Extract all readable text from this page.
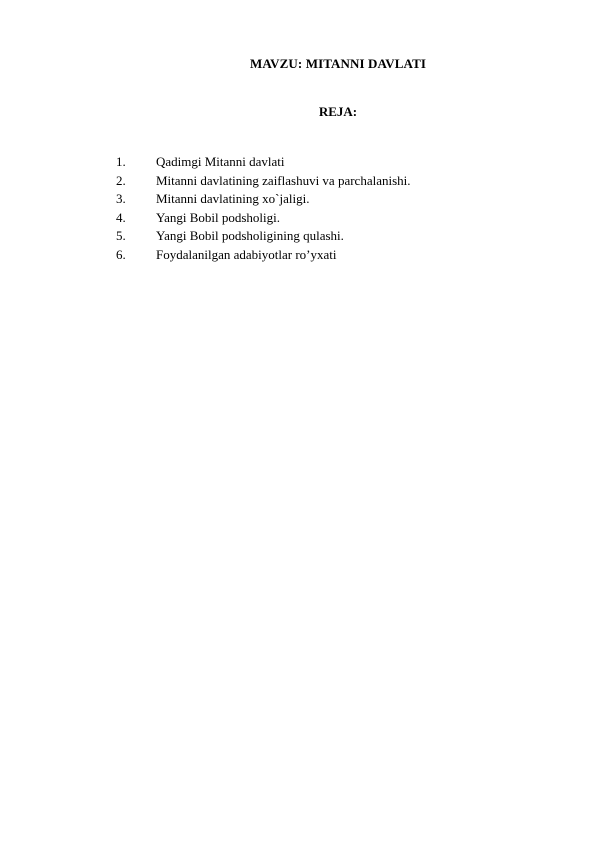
MAVZU: MITANNI DAVLATI
REJA:
1.	Qadimgi Mitanni davlati
2.	Mitanni davlatining zaiflashuvi va parchalanishi.
3.	Mitanni davlatining xo`jaligi.
4.	Yangi Bobil podsholigi.
5.	Yangi Bobil podsholigining qulashi.
6.	Foydalanilgan adabiyotlar ro’yxati
